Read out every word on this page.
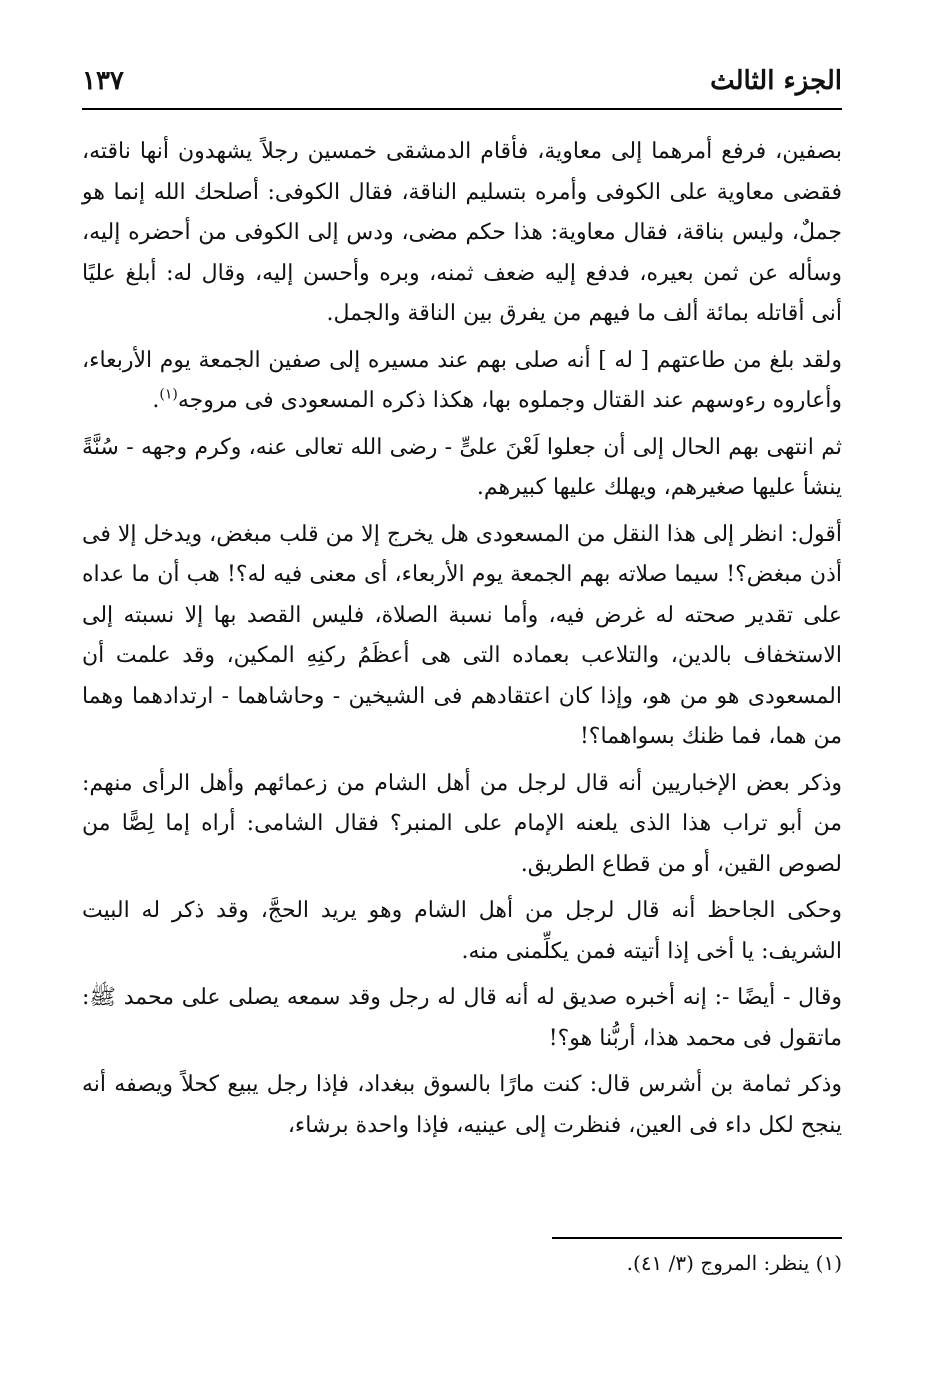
الجزء الثالث
١٣٧

بصفين، فرفع أمرهما إلى معاوية، فأقام الدمشقى خمسين رجلاً يشهدون أنها ناقته، فقضى معاوية على الكوفى وأمره بتسليم الناقة، فقال الكوفى: أصلحك الله إنما هو جملٌ، وليس بناقة، فقال معاوية: هذا حكم مضى، ودس إلى الكوفى من أحضره إليه، وسأله عن ثمن بعيره، فدفع إليه ضعف ثمنه، وبره وأحسن إليه، وقال له: أبلغ عليًا أنى أقاتله بمائة ألف ما فيهم من يفرق بين الناقة والجمل.

ولقد بلغ من طاعتهم [ له ] أنه صلى بهم عند مسيره إلى صفين الجمعة يوم الأربعاء، وأعاروه رءوسهم عند القتال وجملوه بها، هكذا ذكره المسعودى فى مروجه$^{(١)}$.

ثم انتهى بهم الحال إلى أن جعلوا لَعْنَ علىٍّ - رضى الله تعالى عنه، وكرم وجهه - سُنَّةً ينشأ عليها صغيرهم، ويهلك عليها كبيرهم.

أقول: انظر إلى هذا النقل من المسعودى هل يخرج إلا من قلب مبغض، ويدخل إلا فى أذن مبغض؟! سيما صلاته بهم الجمعة يوم الأربعاء، أى معنى فيه له؟! هب أن ما عداه على تقدير صحته له غرض فيه، وأما نسبة الصلاة، فليس القصد بها إلا نسبته إلى الاستخفاف بالدين، والتلاعب بعماده التى هى أعظَمُ ركنِهِ المكين، وقد علمت أن المسعودى هو من هو، وإذا كان اعتقادهم فى الشيخين - وحاشاهما - ارتدادهما وهما من هما، فما ظنك بسواهما؟!

وذكر بعض الإخباريين أنه قال لرجل من أهل الشام من زعمائهم وأهل الرأى منهم: من أبو تراب هذا الذى يلعنه الإمام على المنبر؟ فقال الشامى: أراه إما لِصًّا من لصوص القين، أو من قطاع الطريق.

وحكى الجاحظ أنه قال لرجل من أهل الشام وهو يريد الحجَّ، وقد ذكر له البيت الشريف: يا أخى إذا أتيته فمن يكلِّمنى منه.

وقال - أيضًا -: إنه أخبره صديق له أنه قال له رجل وقد سمعه يصلى على محمد ﷺ: ماتقول فى محمد هذا، أربُّنا هو؟!

وذكر ثمامة بن أشرس قال: كنت مارًا بالسوق ببغداد، فإذا رجل يبيع كحلاً ويصفه أنه ينجح لكل داء فى العين، فنظرت إلى عينيه، فإذا واحدة برشاء،

(١) ينظر: المروج (٣/ ٤١).
